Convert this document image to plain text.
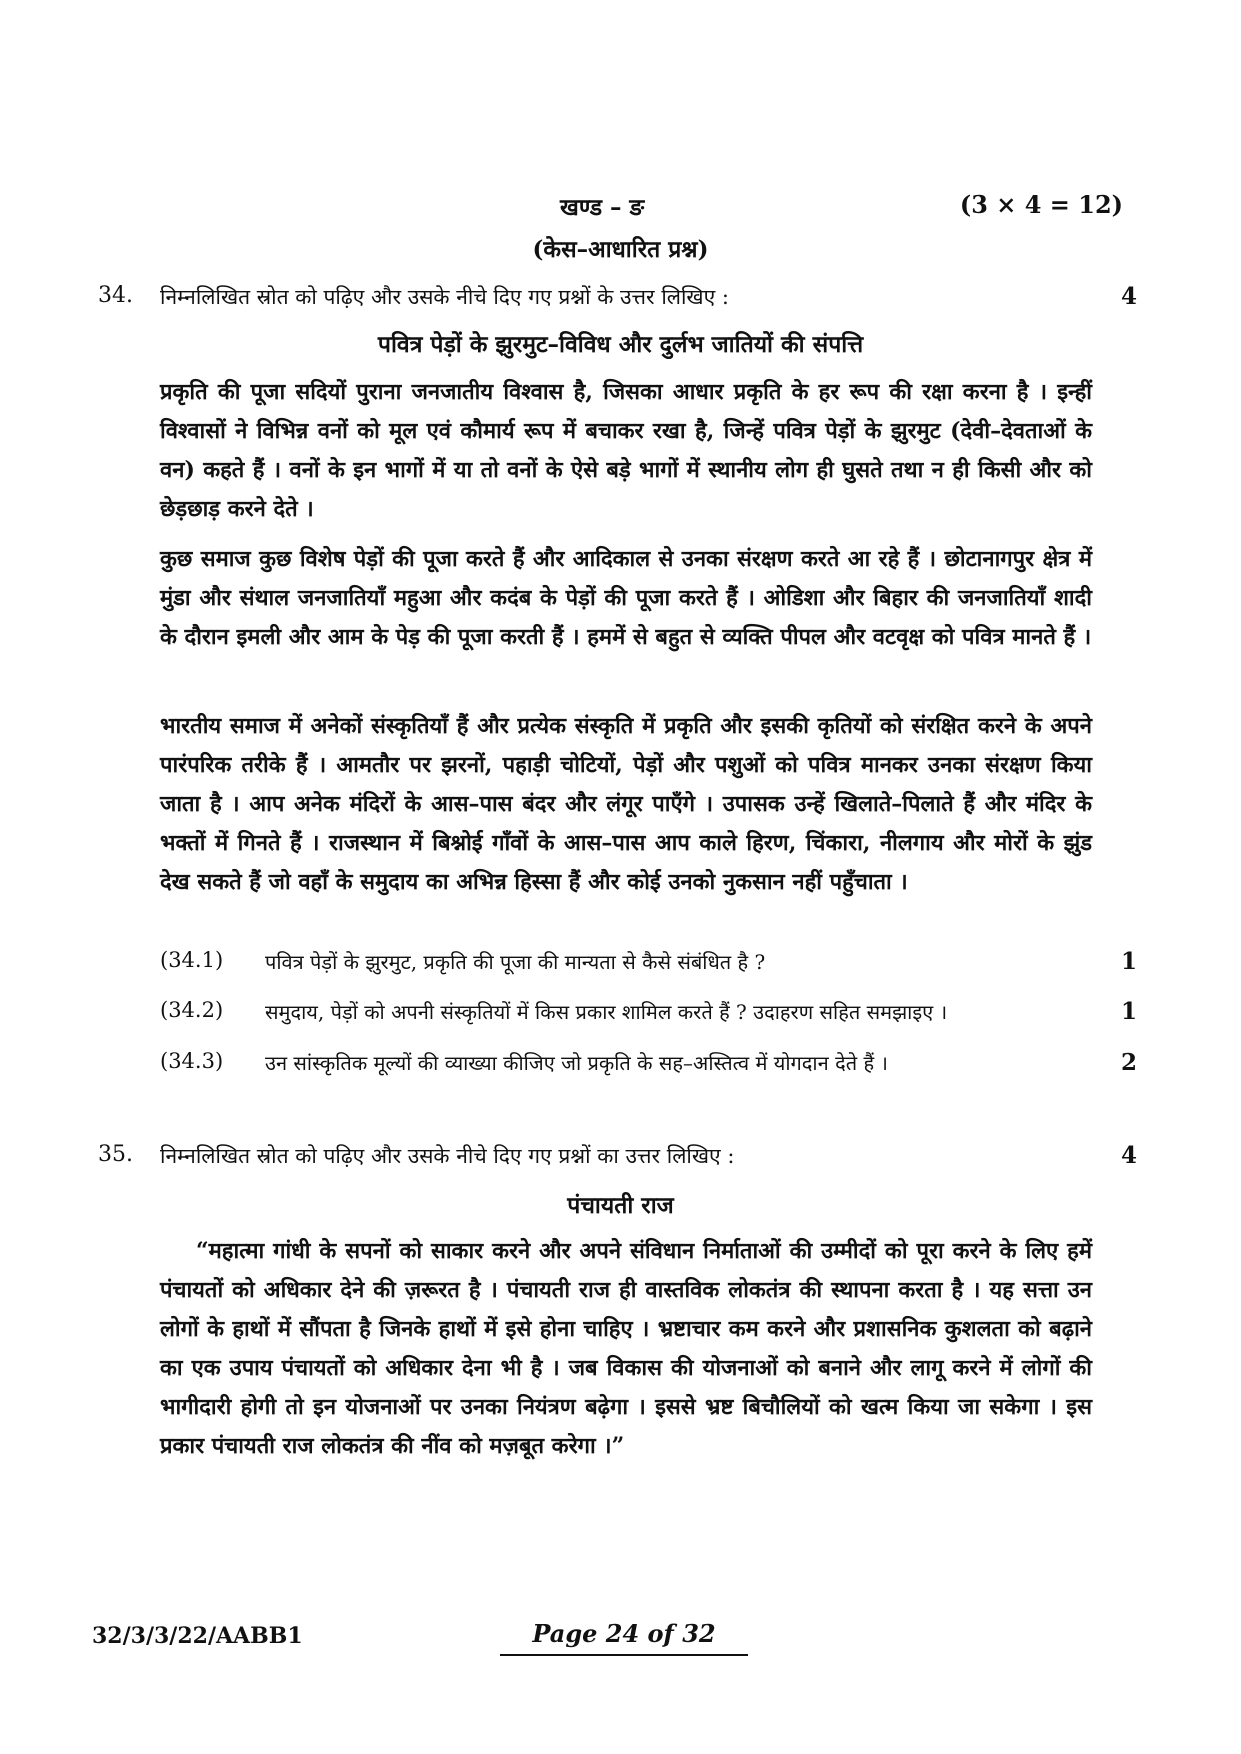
खण्ड – ङ	(3 × 4 = 12)
(केस–आधारित प्रश्न)
34. निम्नलिखित स्रोत को पढ़िए और उसके नीचे दिए गए प्रश्नों के उत्तर लिखिए :	4
पवित्र पेड़ों के झुरमुट–विविध और दुर्लभ जातियों की संपत्ति

प्रकृति की पूजा सदियों पुराना जनजातीय विश्वास है, जिसका आधार प्रकृति के हर रूप की रक्षा करना है । इन्हीं विश्वासों ने विभिन्न वनों को मूल एवं कौमार्य रूप में बचाकर रखा है, जिन्हें पवित्र पेड़ों के झुरमुट (देवी–देवताओं के वन) कहते हैं । वनों के इन भागों में या तो वनों के ऐसे बड़े भागों में स्थानीय लोग ही घुसते तथा न ही किसी और को छेड़छाड़ करने देते ।

कुछ समाज कुछ विशेष पेड़ों की पूजा करते हैं और आदिकाल से उनका संरक्षण करते आ रहे हैं । छोटानागपुर क्षेत्र में मुंडा और संथाल जनजातियाँ महुआ और कदंब के पेड़ों की पूजा करते हैं । ओडिशा और बिहार की जनजातियाँ शादी के दौरान इमली और आम के पेड़ की पूजा करती हैं । हममें से बहुत से व्यक्ति पीपल और वटवृक्ष को पवित्र मानते हैं ।

भारतीय समाज में अनेकों संस्कृतियाँ हैं और प्रत्येक संस्कृति में प्रकृति और इसकी कृतियों को संरक्षित करने के अपने पारंपरिक तरीके हैं । आमतौर पर झरनों, पहाड़ी चोटियों, पेड़ों और पशुओं को पवित्र मानकर उनका संरक्षण किया जाता है । आप अनेक मंदिरों के आस–पास बंदर और लंगूर पाएँगे । उपासक उन्हें खिलाते–पिलाते हैं और मंदिर के भक्तों में गिनते हैं । राजस्थान में बिश्नोई गाँवों के आस–पास आप काले हिरण, चिंकारा, नीलगाय और मोरों के झुंड देख सकते हैं जो वहाँ के समुदाय का अभिन्न हिस्सा हैं और कोई उनको नुकसान नहीं पहुँचाता ।

(34.1) पवित्र पेड़ों के झुरमुट, प्रकृति की पूजा की मान्यता से कैसे संबंधित है ?	1
(34.2) समुदाय, पेड़ों को अपनी संस्कृतियों में किस प्रकार शामिल करते हैं ? उदाहरण सहित समझाइए ।	1
(34.3) उन सांस्कृतिक मूल्यों की व्याख्या कीजिए जो प्रकृति के सह–अस्तित्व में योगदान देते हैं ।	2
35. निम्नलिखित स्रोत को पढ़िए और उसके नीचे दिए गए प्रश्नों का उत्तर लिखिए :	4
पंचायती राज

“महात्मा गांधी के सपनों को साकार करने और अपने संविधान निर्माताओं की उम्मीदों को पूरा करने के लिए हमें पंचायतों को अधिकार देने की ज़रूरत है । पंचायती राज ही वास्तविक लोकतंत्र की स्थापना करता है । यह सत्ता उन लोगों के हाथों में सौंपता है जिनके हाथों में इसे होना चाहिए । भ्रष्टाचार कम करने और प्रशासनिक कुशलता को बढ़ाने का एक उपाय पंचायतों को अधिकार देना भी है । जब विकास की योजनाओं को बनाने और लागू करने में लोगों की भागीदारी होगी तो इन योजनाओं पर उनका नियंत्रण बढ़ेगा । इससे भ्रष्ट बिचौलियों को खत्म किया जा सकेगा । इस प्रकार पंचायती राज लोकतंत्र की नींव को मज़बूत करेगा ।”

32/3/3/22/AABB1	Page 24 of 32
